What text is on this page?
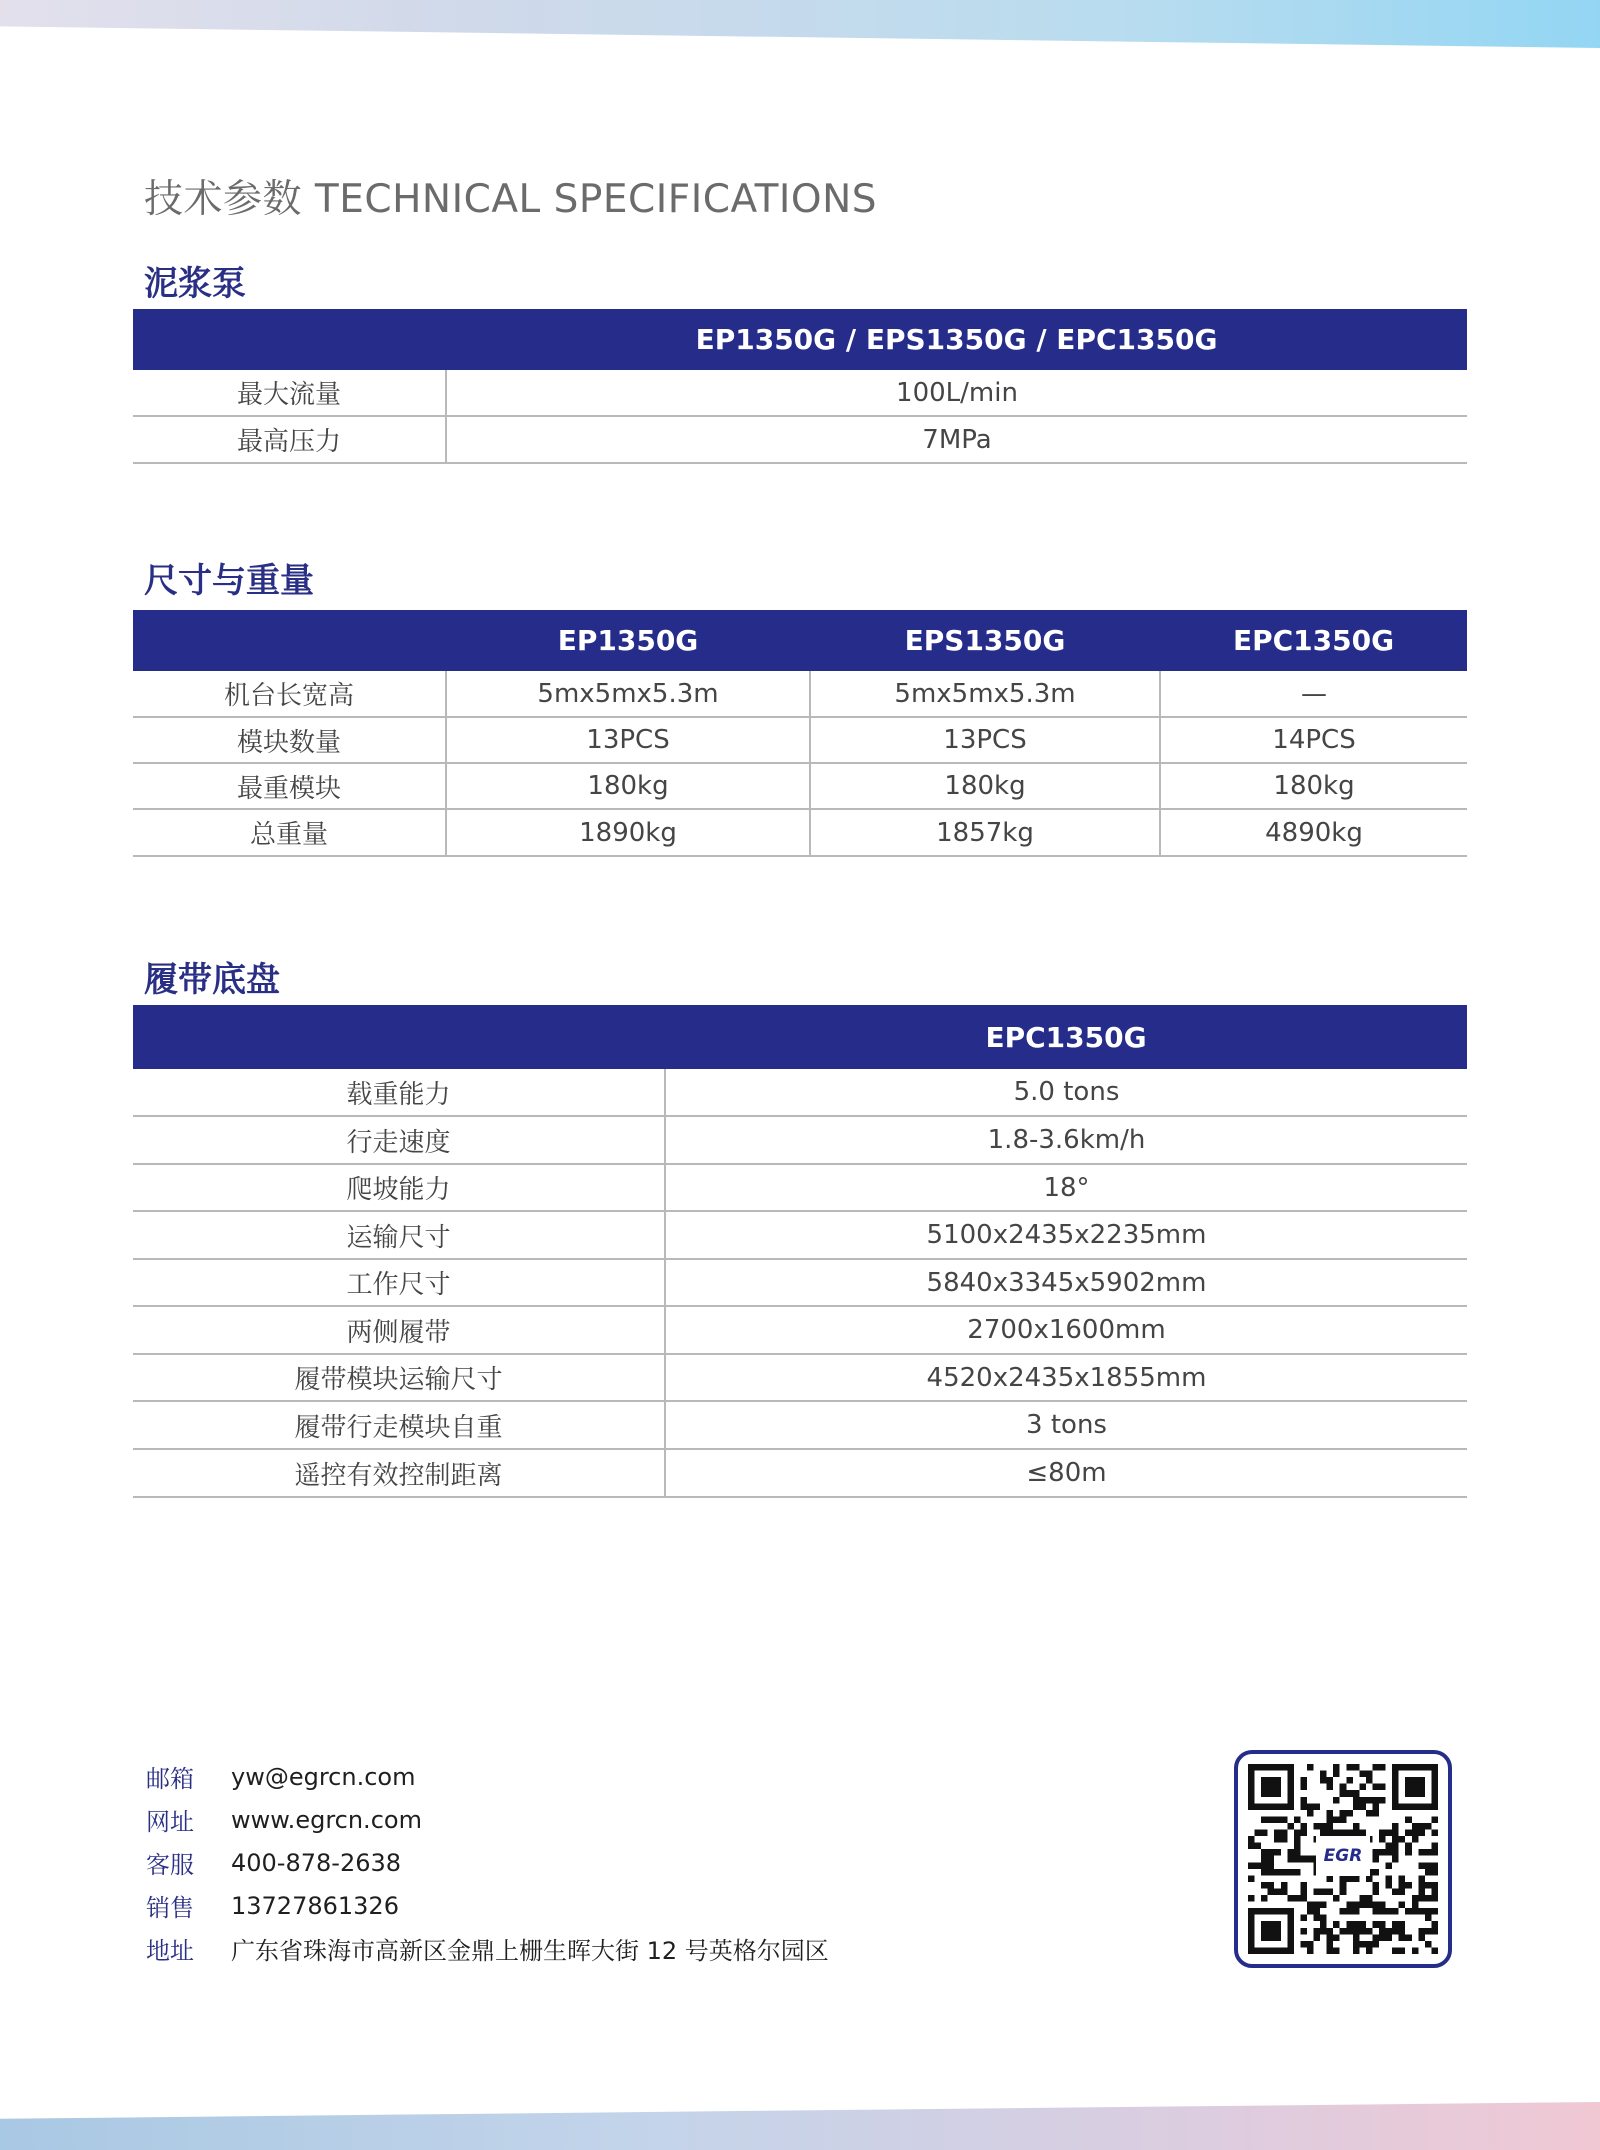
技术参数 TECHNICAL SPECIFICATIONS
泥浆泵
	EP1350G / EPS1350G / EPC1350G
最大流量	100L/min
最高压力	7MPa
尺寸与重量
	EP1350G	EPS1350G	EPC1350G
机台长宽高	5mx5mx5.3m	5mx5mx5.3m	—
模块数量	13PCS	13PCS	14PCS
最重模块	180kg	180kg	180kg
总重量	1890kg	1857kg	4890kg
履带底盘
	EPC1350G
载重能力	5.0 tons
行走速度	1.8-3.6km/h
爬坡能力	18°
运输尺寸	5100x2435x2235mm
工作尺寸	5840x3345x5902mm
两侧履带	2700x1600mm
履带模块运输尺寸	4520x2435x1855mm
履带行走模块自重	3 tons
遥控有效控制距离	≤80m
邮箱	yw@egrcn.com
网址	www.egrcn.com
客服	400-878-2638
销售	13727861326
地址	广东省珠海市高新区金鼎上栅生晖大街 12 号英格尔园区
EGR
